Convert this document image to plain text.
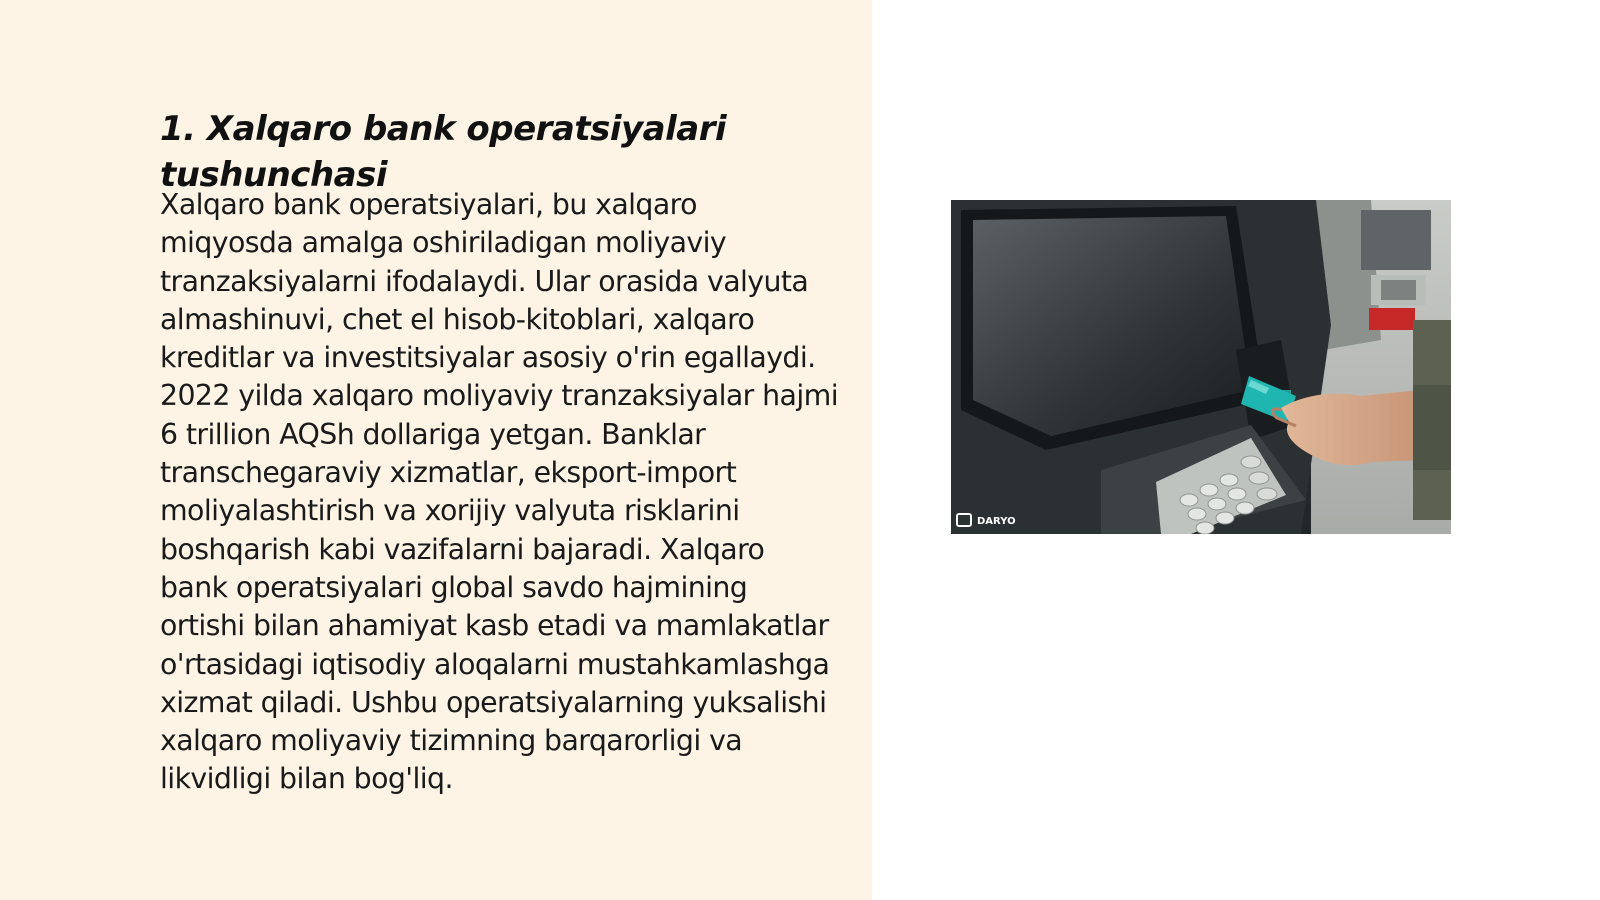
1. Xalqaro bank operatsiyalari tushunchasi

Xalqaro bank operatsiyalari, bu xalqaro miqyosda amalga oshiriladigan moliyaviy tranzaksiyalarni ifodalaydi. Ular orasida valyuta almashinuvi, chet el hisob-kitoblari, xalqaro kreditlar va investitsiyalar asosiy o'rin egallaydi. 2022 yilda xalqaro moliyaviy tranzaksiyalar hajmi 6 trillion AQSh dollariga yetgan. Banklar transchegaraviy xizmatlar, eksport-import moliyalashtirish va xorijiy valyuta risklarini boshqarish kabi vazifalarni bajaradi. Xalqaro bank operatsiyalari global savdo hajmining ortishi bilan ahamiyat kasb etadi va mamlakatlar o'rtasidagi iqtisodiy aloqalarni mustahkamlashga xizmat qiladi. Ushbu operatsiyalarning yuksalishi xalqaro moliyaviy tizimning barqarorligi va likvidligi bilan bog'liq.

DARYO
